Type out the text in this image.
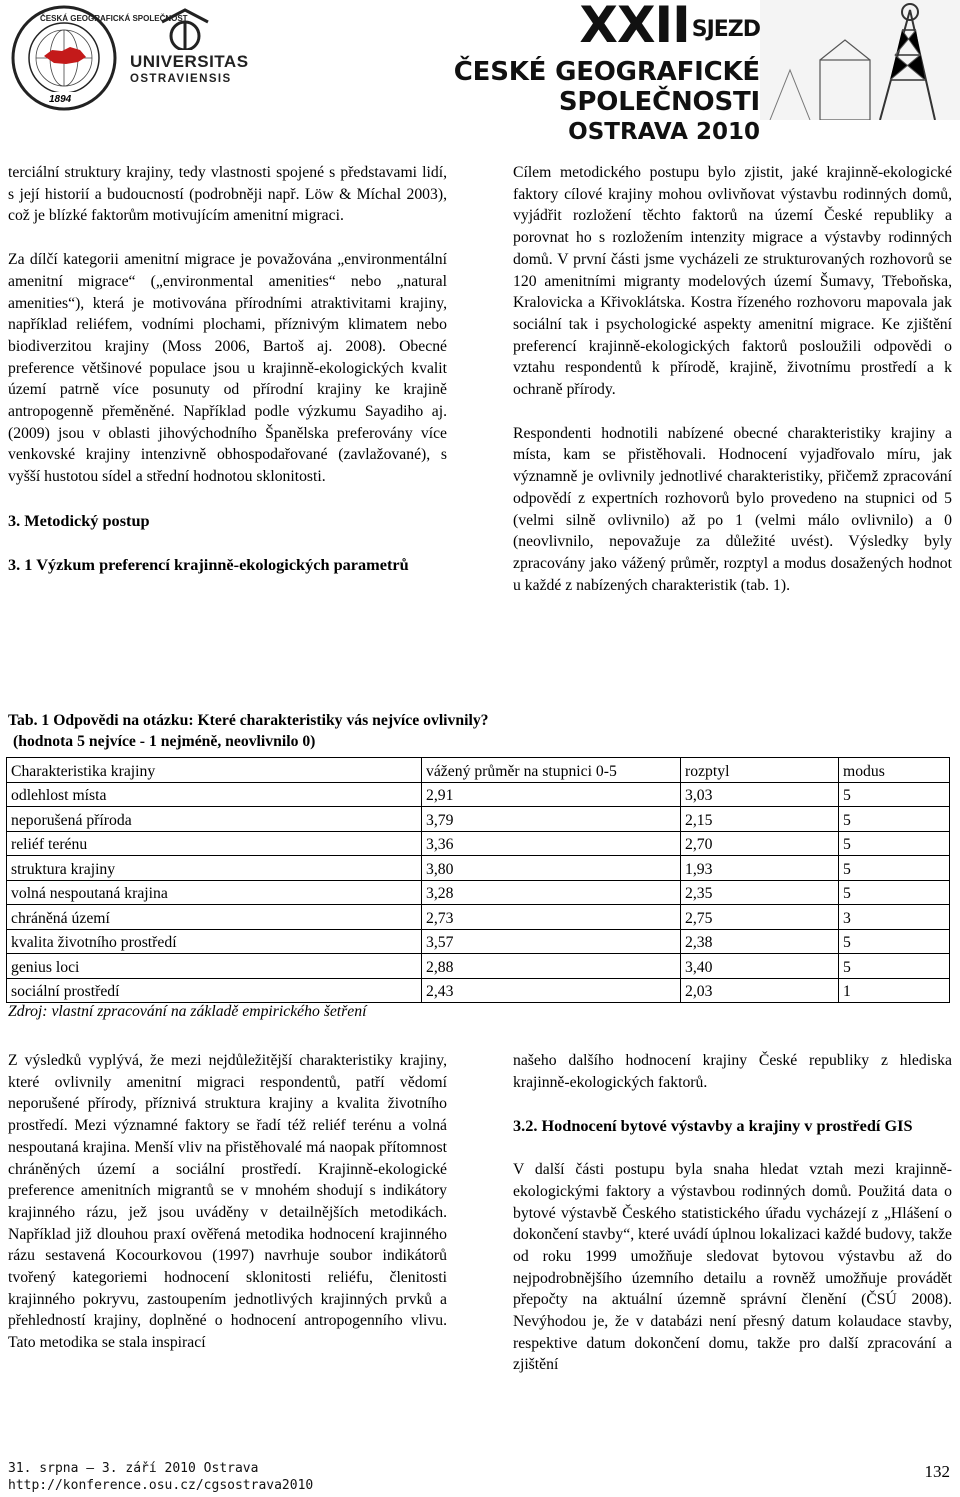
ČESKÁ GEOGRAFICKÁ SPOLEČNOST
1894
UNIVERSITAS
OSTRAVIENSIS
XXIISJEZD
ČESKÉ GEOGRAFICKÉ SPOLEČNOSTI
OSTRAVA 2010

terciální struktury krajiny, tedy vlastnosti spojené s představami lidí, s její historií a budoucností (podrobněji např. Löw & Míchal 2003), což je blízké faktorům motivujícím amenitní migraci.

Za dílčí kategorii amenitní migrace je považována „environmentální amenitní migrace“ („environmental amenities“ nebo „natural amenities“), která je motivována přírodními atraktivitami krajiny, například reliéfem, vodními plochami, příznivým klimatem nebo biodiverzitou krajiny (Moss 2006, Bartoš aj. 2008). Obecné preference většinové populace jsou u krajinně-ekologických kvalit území patrně více posunuty od přírodní krajiny ke krajině antropogenně přeměněné. Například podle výzkumu Sayadiho aj. (2009) jsou v oblasti jihovýchodního Španělska preferovány více venkovské krajiny intenzivně obhospodařované (zavlažované), s vyšší hustotou sídel a střední hodnotou sklonitosti.

3. Metodický postup
3. 1 Výzkum preferencí krajinně-ekologických parametrů

Cílem metodického postupu bylo zjistit, jaké krajinně-ekologické faktory cílové krajiny mohou ovlivňovat výstavbu rodinných domů, vyjádřit rozložení těchto faktorů na území České republiky a porovnat ho s rozložením intenzity migrace a výstavby rodinných domů. V první části jsme vycházeli ze strukturovaných rozhovorů se 120 amenitními migranty modelových území Šumavy, Třeboňska, Kralovicka a Křivoklátska. Kostra řízeného rozhovoru mapovala jak sociální tak i psychologické aspekty amenitní migrace. Ke zjištění preferencí krajinně-ekologických faktorů posloužili odpovědi o vztahu respondentů k přírodě, krajině, životnímu prostředí a k ochraně přírody.

Respondenti hodnotili nabízené obecné charakteristiky krajiny a místa, kam se přistěhovali. Hodnocení vyjadřovalo míru, jak významně je ovlivnily jednotlivé charakteristiky, přičemž zpracování odpovědí z expertních rozhovorů bylo provedeno na stupnici od 5 (velmi silně ovlivnilo) až po 1 (velmi málo ovlivnilo) a 0 (neovlivnilo, nepovažuje za důležité uvést). Výsledky byly zpracovány jako vážený průměr, rozptyl a modus dosažených hodnot u každé z nabízených charakteristik (tab. 1).

Tab. 1 Odpovědi na otázku: Které charakteristiky vás nejvíce ovlivnily?
(hodnota 5 nejvíce - 1 nejméně, neovlivnilo 0)
Charakteristika krajiny	vážený průměr na stupnici 0-5	rozptyl	modus
odlehlost místa	2,91	3,03	5
neporušená příroda	3,79	2,15	5
reliéf terénu	3,36	2,70	5
struktura krajiny	3,80	1,93	5
volná nespoutaná krajina	3,28	2,35	5
chráněná území	2,73	2,75	3
kvalita životního prostředí	3,57	2,38	5
genius loci	2,88	3,40	5
sociální prostředí	2,43	2,03	1
Zdroj: vlastní zpracování na základě empirického šetření

Z výsledků vyplývá, že mezi nejdůležitější charakteristiky krajiny, které ovlivnily amenitní migraci respondentů, patří vědomí neporušené přírody, příznivá struktura krajiny a kvalita životního prostředí. Mezi významné faktory se řadí též reliéf terénu a volná nespoutaná krajina. Menší vliv na přistěhovalé má naopak přítomnost chráněných území a sociální prostředí. Krajinně-ekologické preference amenitních migrantů se v mnohém shodují s indikátory krajinného rázu, jež jsou uváděny v detailnějších metodikách. Například již dlouhou praxí ověřená metodika hodnocení krajinného rázu sestavená Kocourkovou (1997) navrhuje soubor indikátorů tvořený kategoriemi hodnocení sklonitosti reliéfu, členitosti krajinného pokryvu, zastoupením jednotlivých krajinných prvků a přehledností krajiny, doplněné o hodnocení antropogenního vlivu. Tato metodika se stala inspirací

našeho dalšího hodnocení krajiny České republiky z hlediska krajinně-ekologických faktorů.

3.2. Hodnocení bytové výstavby a krajiny v prostředí GIS

V další části postupu byla snaha hledat vztah mezi krajinně-ekologickými faktory a výstavbou rodinných domů. Použitá data o bytové výstavbě Českého statistického úřadu vycházejí z „Hlášení o dokončení stavby“, které uvádí úplnou lokalizaci každé budovy, takže od roku 1999 umožňuje sledovat bytovou výstavbu až do nejpodrobnějšího územního detailu a rovněž umožňuje provádět přepočty na aktuální územně správní členění (ČSÚ 2008). Nevýhodou je, že v databázi není přesný datum kolaudace stavby, respektive datum dokončení domu, takže pro další zpracování a zjištění

31. srpna – 3. září 2010 Ostrava
http://konference.osu.cz/cgsostrava2010
132
